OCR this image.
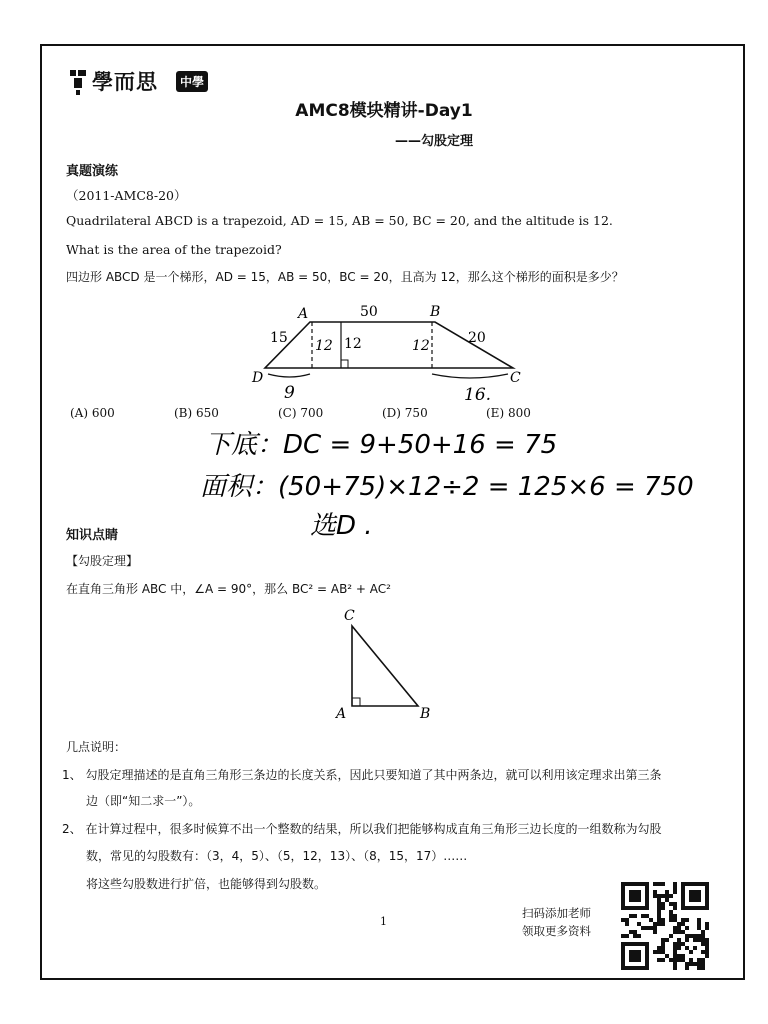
學而思	中學
AMC8模块精讲-Day1
——勾股定理
真题演练
（2011-AMC8-20）
Quadrilateral ABCD is a trapezoid, AD = 15, AB = 50, BC = 20, and the altitude is 12.
What is the area of the trapezoid?
四边形 ABCD 是一个梯形，AD = 15，AB = 50，BC = 20，且高为 12，那么这个梯形的面积是多少？
A	B
C
D
50
15	20
12
12	12
9	16.
(A) 600	(B) 650	(C) 700	(D) 750	(E) 800
下底：DC = 9+50+16 = 75
面积：(50+75)×12÷2 = 125×6 = 750
选D .
知识点睛
【勾股定理】
在直角三角形 ABC 中，∠A = 90°，那么 BC² = AB² + AC²
C
A	B
几点说明：
1、 勾股定理描述的是直角三角形三条边的长度关系，因此只要知道了其中两条边，就可以利用该定理求出第三条
边（即“知二求一”）。
2、 在计算过程中，很多时候算不出一个整数的结果，所以我们把能够构成直角三角形三边长度的一组数称为勾股
数，常见的勾股数有：（3，4，5）、（5，12，13）、（8，15，17）……
将这些勾股数进行扩倍，也能够得到勾股数。
1
扫码添加老师
领取更多资料
